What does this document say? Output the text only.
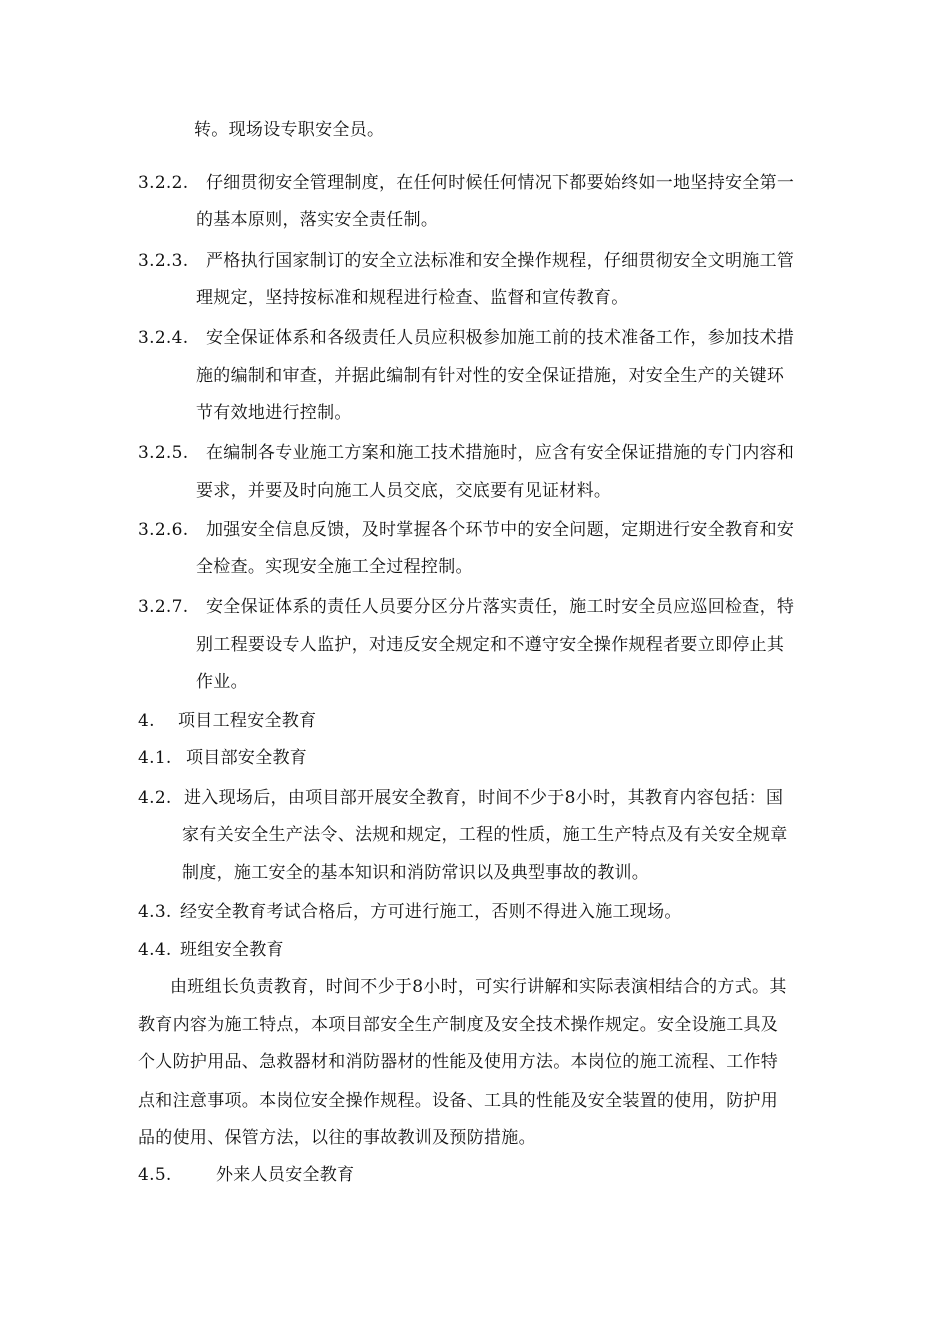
转。现场设专职安全员。
3.2.2. 仔细贯彻安全管理制度，在任何时候任何情况下都要始终如一地坚持安全第一
的基本原则，落实安全责任制。
3.2.3. 严格执行国家制订的安全立法标准和安全操作规程，仔细贯彻安全文明施工管
理规定，坚持按标准和规程进行检查、监督和宣传教育。
3.2.4. 安全保证体系和各级责任人员应积极参加施工前的技术准备工作，参加技术措
施的编制和审查，并据此编制有针对性的安全保证措施，对安全生产的关键环
节有效地进行控制。
3.2.5. 在编制各专业施工方案和施工技术措施时，应含有安全保证措施的专门内容和
要求，并要及时向施工人员交底，交底要有见证材料。
3.2.6. 加强安全信息反馈，及时掌握各个环节中的安全问题，定期进行安全教育和安
全检查。实现安全施工全过程控制。
3.2.7. 安全保证体系的责任人员要分区分片落实责任，施工时安全员应巡回检查，特
别工程要设专人监护，对违反安全规定和不遵守安全操作规程者要立即停止其
作业。
4. 项目工程安全教育
4.1. 项目部安全教育
4.2. 进入现场后，由项目部开展安全教育，时间不少于8小时，其教育内容包括：国
家有关安全生产法令、法规和规定，工程的性质，施工生产特点及有关安全规章
制度，施工安全的基本知识和消防常识以及典型事故的教训。
4.3. 经安全教育考试合格后，方可进行施工，否则不得进入施工现场。
4.4. 班组安全教育
由班组长负责教育，时间不少于8小时，可实行讲解和实际表演相结合的方式。其
教育内容为施工特点，本项目部安全生产制度及安全技术操作规定。安全设施工具及
个人防护用品、急救器材和消防器材的性能及使用方法。本岗位的施工流程、工作特
点和注意事项。本岗位安全操作规程。设备、工具的性能及安全装置的使用，防护用
品的使用、保管方法，以往的事故教训及预防措施。
4.5.	外来人员安全教育
